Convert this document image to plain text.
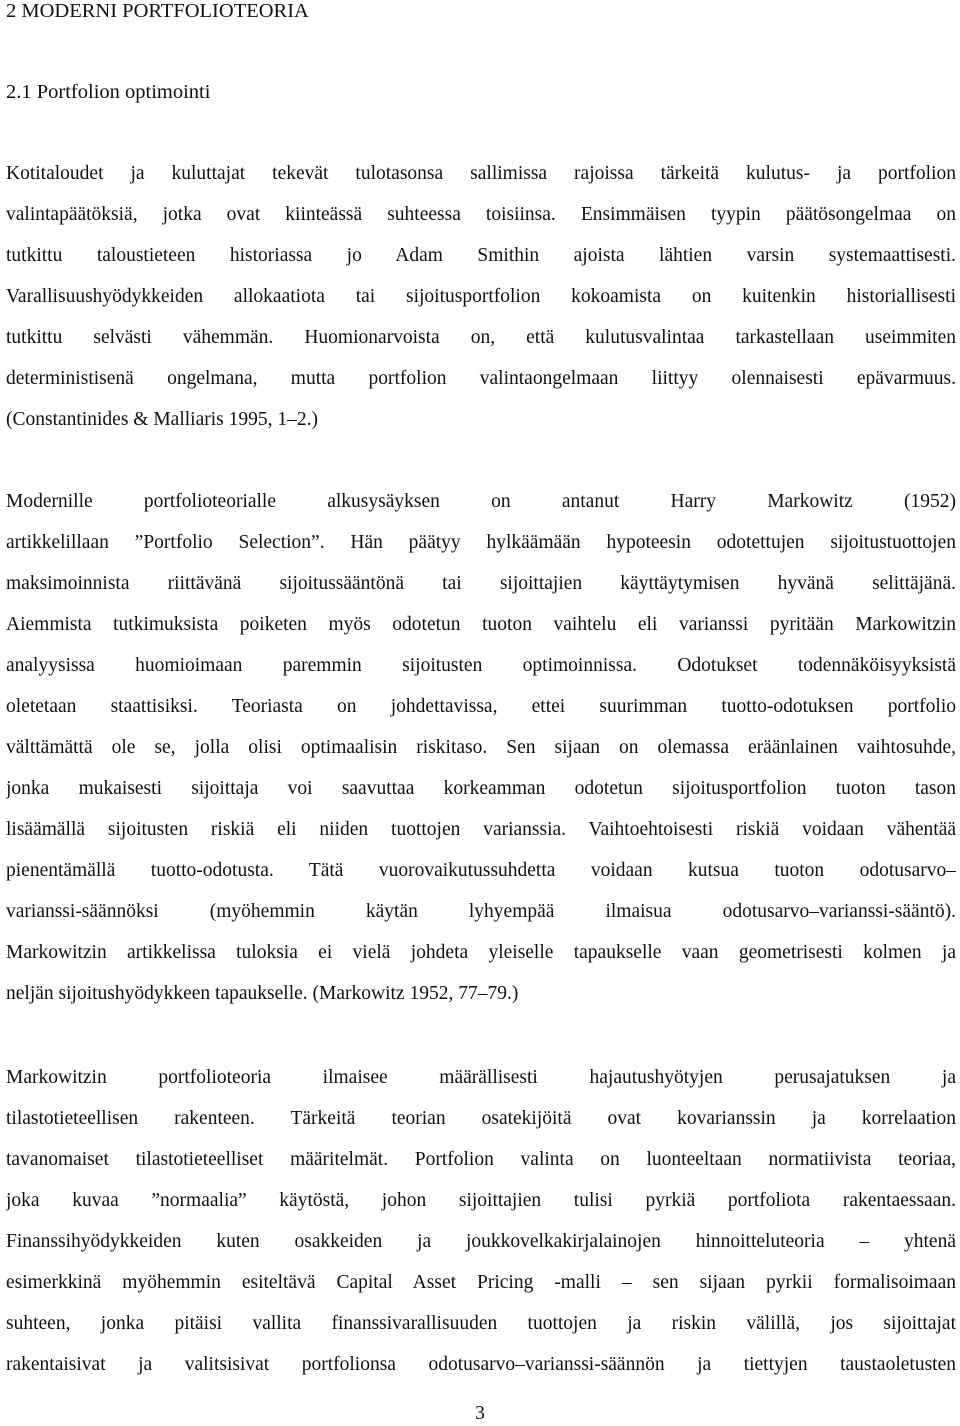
2 MODERNI PORTFOLIOTEORIA
2.1 Portfolion optimointi
Kotitaloudet ja kuluttajat tekevät tulotasonsa sallimissa rajoissa tärkeitä kulutus- ja portfolion
valintapäätöksiä, jotka ovat kiinteässä suhteessa toisiinsa. Ensimmäisen tyypin päätösongelmaa on
tutkittu taloustieteen historiassa jo Adam Smithin ajoista lähtien varsin systemaattisesti.
Varallisuushyödykkeiden allokaatiota tai sijoitusportfolion kokoamista on kuitenkin historiallisesti
tutkittu selvästi vähemmän. Huomionarvoista on, että kulutusvalintaa tarkastellaan useimmiten
deterministisenä ongelmana, mutta portfolion valintaongelmaan liittyy olennaisesti epävarmuus.
(Constantinides & Malliaris 1995, 1–2.)
Modernille portfolioteorialle alkusysäyksen on antanut Harry Markowitz (1952)
artikkelillaan ”Portfolio Selection”. Hän päätyy hylkäämään hypoteesin odotettujen sijoitustuottojen
maksimoinnista riittävänä sijoitussääntönä tai sijoittajien käyttäytymisen hyvänä selittäjänä.
Aiemmista tutkimuksista poiketen myös odotetun tuoton vaihtelu eli varianssi pyritään Markowitzin
analyysissa huomioimaan paremmin sijoitusten optimoinnissa. Odotukset todennäköisyyksistä
oletetaan staattisiksi. Teoriasta on johdettavissa, ettei suurimman tuotto-odotuksen portfolio
välttämättä ole se, jolla olisi optimaalisin riskitaso. Sen sijaan on olemassa eräänlainen vaihtosuhde,
jonka mukaisesti sijoittaja voi saavuttaa korkeamman odotetun sijoitusportfolion tuoton tason
lisäämällä sijoitusten riskiä eli niiden tuottojen varianssia. Vaihtoehtoisesti riskiä voidaan vähentää
pienentämällä tuotto-odotusta. Tätä vuorovaikutussuhdetta voidaan kutsua tuoton odotusarvo–
varianssi-säännöksi (myöhemmin käytän lyhyempää ilmaisua odotusarvo–varianssi-sääntö).
Markowitzin artikkelissa tuloksia ei vielä johdeta yleiselle tapaukselle vaan geometrisesti kolmen ja
neljän sijoitushyödykkeen tapaukselle. (Markowitz 1952, 77–79.)
Markowitzin portfolioteoria ilmaisee määrällisesti hajautushyötyjen perusajatuksen ja
tilastotieteellisen rakenteen. Tärkeitä teorian osatekijöitä ovat kovarianssin ja korrelaation
tavanomaiset tilastotieteelliset määritelmät. Portfolion valinta on luonteeltaan normatiivista teoriaa,
joka kuvaa ”normaalia” käytöstä, johon sijoittajien tulisi pyrkiä portfoliota rakentaessaan.
Finanssihyödykkeiden kuten osakkeiden ja joukkovelkakirjalainojen hinnoitteluteoria – yhtenä
esimerkkinä myöhemmin esiteltävä Capital Asset Pricing -malli – sen sijaan pyrkii formalisoimaan
suhteen, jonka pitäisi vallita finanssivarallisuuden tuottojen ja riskin välillä, jos sijoittajat
rakentaisivat ja valitsisivat portfolionsa odotusarvo–varianssi-säännön ja tiettyjen taustaoletusten
3
